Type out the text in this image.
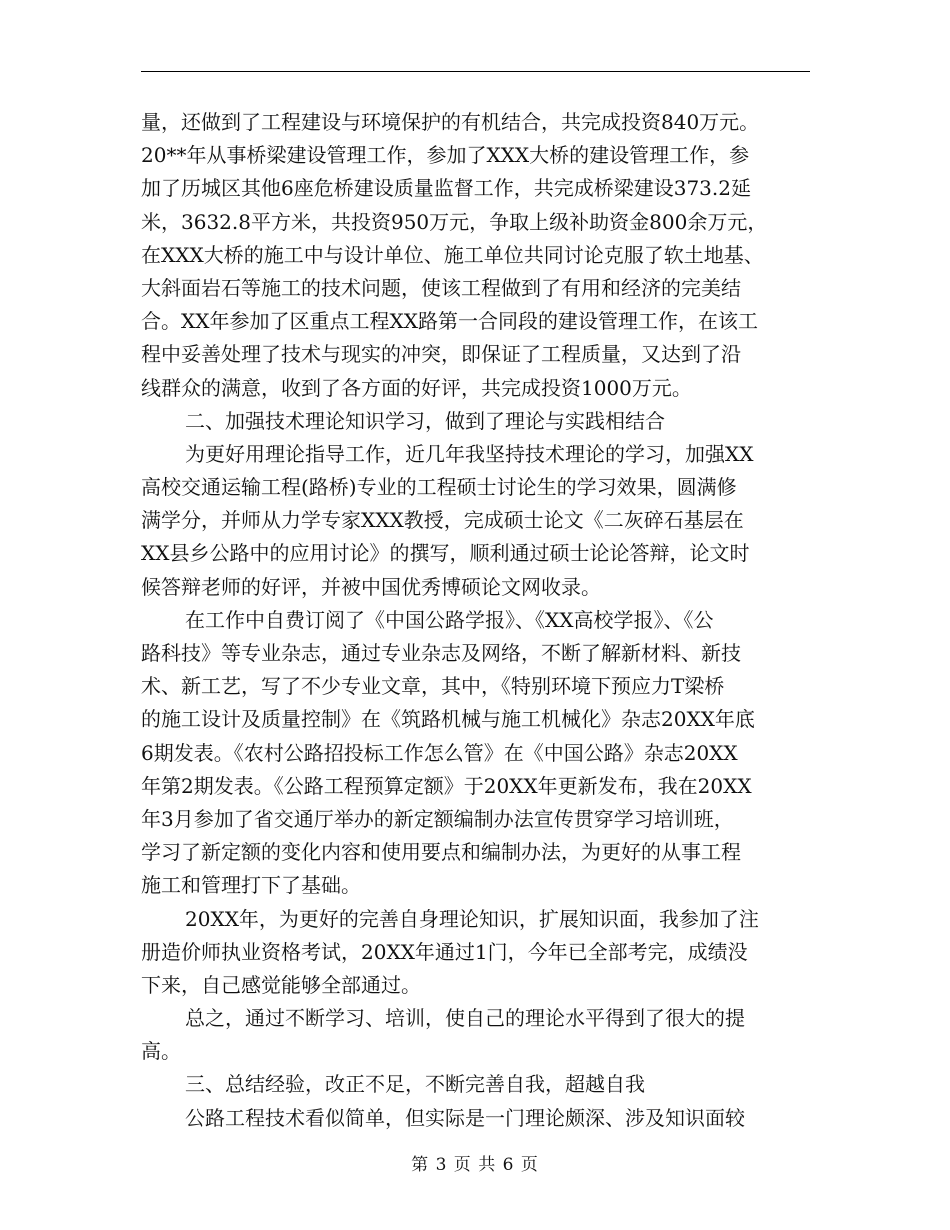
量，还做到了工程建设与环境保护的有机结合，共完成投资840万元。
20**年从事桥梁建设管理工作，参加了XXX大桥的建设管理工作，参
加了历城区其他6座危桥建设质量监督工作，共完成桥梁建设373.2延
米，3632.8平方米，共投资950万元，争取上级补助资金800余万元，
在XXX大桥的施工中与设计单位、施工单位共同讨论克服了软土地基、
大斜面岩石等施工的技术问题，使该工程做到了有用和经济的完美结
合。XX年参加了区重点工程XX路第一合同段的建设管理工作，在该工
程中妥善处理了技术与现实的冲突，即保证了工程质量，又达到了沿
线群众的满意，收到了各方面的好评，共完成投资1000万元。
二、加强技术理论知识学习，做到了理论与实践相结合
为更好用理论指导工作，近几年我坚持技术理论的学习，加强XX
高校交通运输工程(路桥)专业的工程硕士讨论生的学习效果，圆满修
满学分，并师从力学专家XXX教授，完成硕士论文《二灰碎石基层在
XX县乡公路中的应用讨论》的撰写，顺利通过硕士论论答辩，论文时
候答辩老师的好评，并被中国优秀博硕论文网收录。
在工作中自费订阅了《中国公路学报》、《XX高校学报》、《公
路科技》等专业杂志，通过专业杂志及网络，不断了解新材料、新技
术、新工艺，写了不少专业文章，其中，《特别环境下预应力T梁桥
的施工设计及质量控制》在《筑路机械与施工机械化》杂志20XX年底
6期发表。《农村公路招投标工作怎么管》在《中国公路》杂志20XX
年第2期发表。《公路工程预算定额》于20XX年更新发布，我在20XX
年3月参加了省交通厅举办的新定额编制办法宣传贯穿学习培训班，
学习了新定额的变化内容和使用要点和编制办法，为更好的从事工程
施工和管理打下了基础。
20XX年，为更好的完善自身理论知识，扩展知识面，我参加了注
册造价师执业资格考试，20XX年通过1门，今年已全部考完，成绩没
下来，自己感觉能够全部通过。
总之，通过不断学习、培训，使自己的理论水平得到了很大的提
高。
三、总结经验，改正不足，不断完善自我，超越自我
公路工程技术看似简单，但实际是一门理论颇深、涉及知识面较
第 3 页 共 6 页
